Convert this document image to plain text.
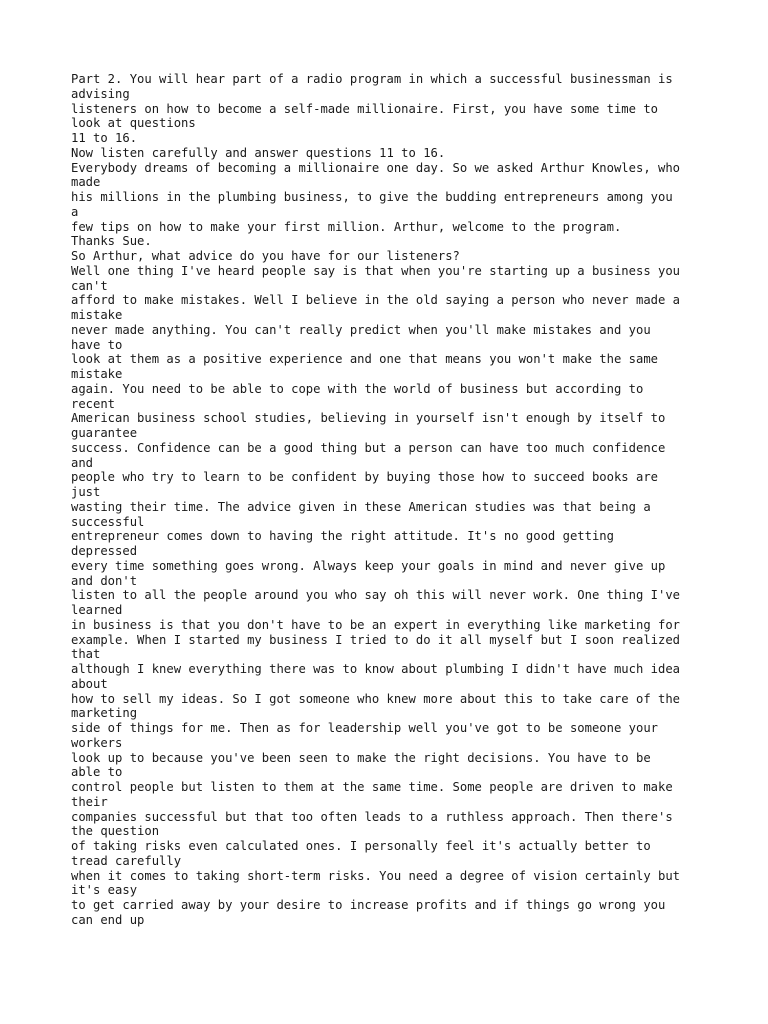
Part 2. You will hear part of a radio program in which a successful businessman is
advising
listeners on how to become a self-made millionaire. First, you have some time to
look at questions
11 to 16.
Now listen carefully and answer questions 11 to 16.
Everybody dreams of becoming a millionaire one day. So we asked Arthur Knowles, who
made
his millions in the plumbing business, to give the budding entrepreneurs among you
a
few tips on how to make your first million. Arthur, welcome to the program.
Thanks Sue.
So Arthur, what advice do you have for our listeners?
Well one thing I've heard people say is that when you're starting up a business you
can't
afford to make mistakes. Well I believe in the old saying a person who never made a
mistake
never made anything. You can't really predict when you'll make mistakes and you
have to
look at them as a positive experience and one that means you won't make the same
mistake
again. You need to be able to cope with the world of business but according to
recent
American business school studies, believing in yourself isn't enough by itself to
guarantee
success. Confidence can be a good thing but a person can have too much confidence
and
people who try to learn to be confident by buying those how to succeed books are
just
wasting their time. The advice given in these American studies was that being a
successful
entrepreneur comes down to having the right attitude. It's no good getting
depressed
every time something goes wrong. Always keep your goals in mind and never give up
and don't
listen to all the people around you who say oh this will never work. One thing I've
learned
in business is that you don't have to be an expert in everything like marketing for
example. When I started my business I tried to do it all myself but I soon realized
that
although I knew everything there was to know about plumbing I didn't have much idea
about
how to sell my ideas. So I got someone who knew more about this to take care of the
marketing
side of things for me. Then as for leadership well you've got to be someone your
workers
look up to because you've been seen to make the right decisions. You have to be
able to
control people but listen to them at the same time. Some people are driven to make
their
companies successful but that too often leads to a ruthless approach. Then there's
the question
of taking risks even calculated ones. I personally feel it's actually better to
tread carefully
when it comes to taking short-term risks. You need a degree of vision certainly but
it's easy
to get carried away by your desire to increase profits and if things go wrong you
can end up
